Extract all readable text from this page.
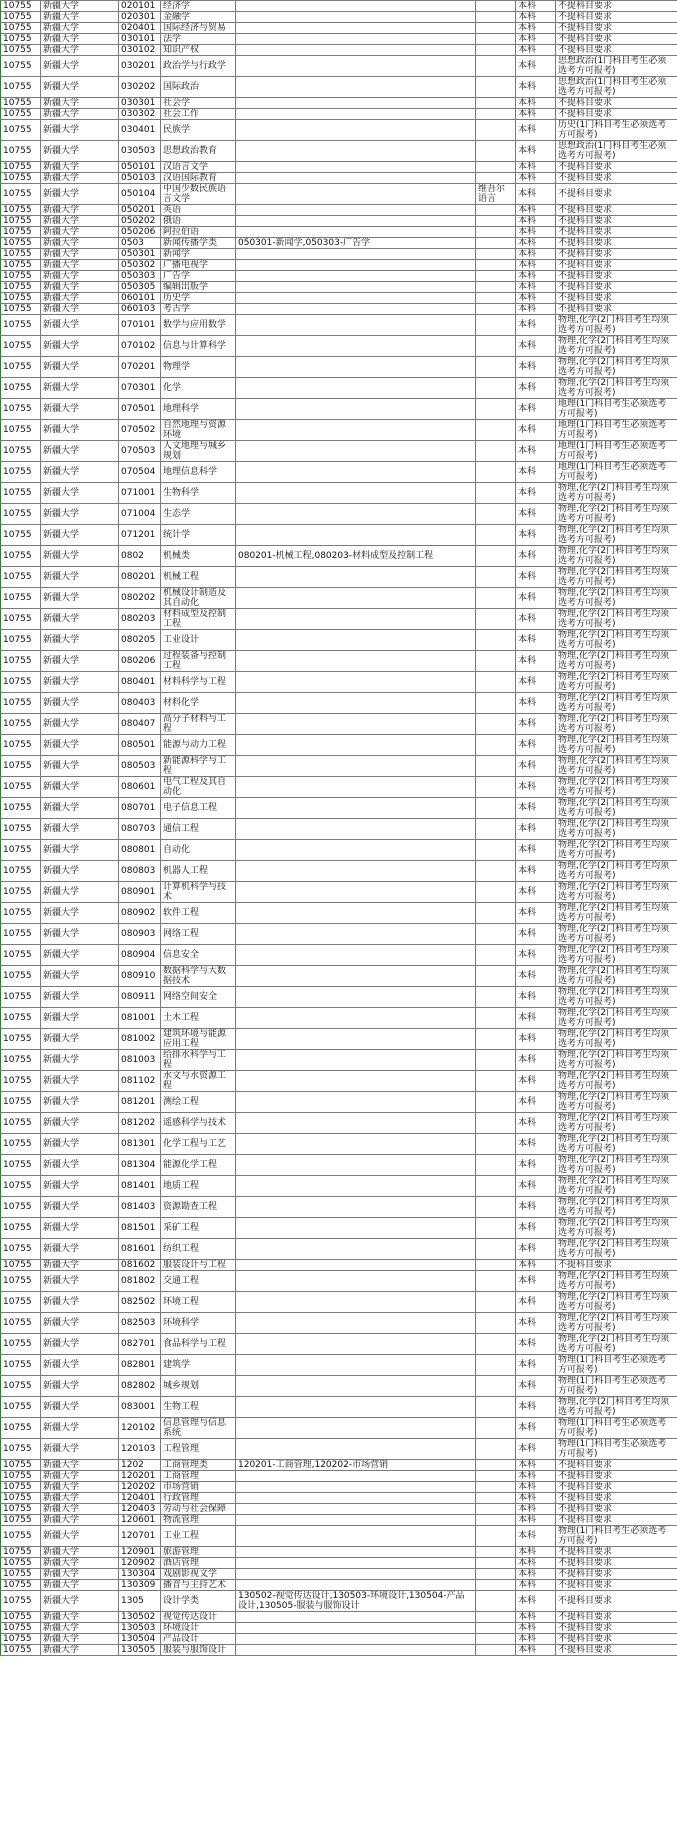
10755	新疆大学	020101	经济学			本科	不提科目要求
10755	新疆大学	020301	金融学			本科	不提科目要求
10755	新疆大学	020401	国际经济与贸易			本科	不提科目要求
10755	新疆大学	030101	法学			本科	不提科目要求
10755	新疆大学	030102	知识产权			本科	不提科目要求
10755	新疆大学	030201	政治学与行政学			本科	思想政治(1门科目考生必须选考方可报考)
10755	新疆大学	030202	国际政治			本科	思想政治(1门科目考生必须选考方可报考)
10755	新疆大学	030301	社会学			本科	不提科目要求
10755	新疆大学	030302	社会工作			本科	不提科目要求
10755	新疆大学	030401	民族学			本科	历史(1门科目考生必须选考方可报考)
10755	新疆大学	030503	思想政治教育			本科	思想政治(1门科目考生必须选考方可报考)
10755	新疆大学	050101	汉语言文学			本科	不提科目要求
10755	新疆大学	050103	汉语国际教育			本科	不提科目要求
10755	新疆大学	050104	中国少数民族语言文学		维吾尔语言	本科	不提科目要求
10755	新疆大学	050201	英语			本科	不提科目要求
10755	新疆大学	050202	俄语			本科	不提科目要求
10755	新疆大学	050206	阿拉伯语			本科	不提科目要求
10755	新疆大学	0503	新闻传播学类	050301-新闻学,050303-广告学		本科	不提科目要求
10755	新疆大学	050301	新闻学			本科	不提科目要求
10755	新疆大学	050302	广播电视学			本科	不提科目要求
10755	新疆大学	050303	广告学			本科	不提科目要求
10755	新疆大学	050305	编辑出版学			本科	不提科目要求
10755	新疆大学	060101	历史学			本科	不提科目要求
10755	新疆大学	060103	考古学			本科	不提科目要求
10755	新疆大学	070101	数学与应用数学			本科	物理,化学(2门科目考生均须选考方可报考)
10755	新疆大学	070102	信息与计算科学			本科	物理,化学(2门科目考生均须选考方可报考)
10755	新疆大学	070201	物理学			本科	物理,化学(2门科目考生均须选考方可报考)
10755	新疆大学	070301	化学			本科	物理,化学(2门科目考生均须选考方可报考)
10755	新疆大学	070501	地理科学			本科	地理(1门科目考生必须选考方可报考)
10755	新疆大学	070502	自然地理与资源环境			本科	地理(1门科目考生必须选考方可报考)
10755	新疆大学	070503	人文地理与城乡规划			本科	地理(1门科目考生必须选考方可报考)
10755	新疆大学	070504	地理信息科学			本科	地理(1门科目考生必须选考方可报考)
10755	新疆大学	071001	生物科学			本科	物理,化学(2门科目考生均须选考方可报考)
10755	新疆大学	071004	生态学			本科	物理,化学(2门科目考生均须选考方可报考)
10755	新疆大学	071201	统计学			本科	物理,化学(2门科目考生均须选考方可报考)
10755	新疆大学	0802	机械类	080201-机械工程,080203-材料成型及控制工程		本科	物理,化学(2门科目考生均须选考方可报考)
10755	新疆大学	080201	机械工程			本科	物理,化学(2门科目考生均须选考方可报考)
10755	新疆大学	080202	机械设计制造及其自动化			本科	物理,化学(2门科目考生均须选考方可报考)
10755	新疆大学	080203	材料成型及控制工程			本科	物理,化学(2门科目考生均须选考方可报考)
10755	新疆大学	080205	工业设计			本科	物理,化学(2门科目考生均须选考方可报考)
10755	新疆大学	080206	过程装备与控制工程			本科	物理,化学(2门科目考生均须选考方可报考)
10755	新疆大学	080401	材料科学与工程			本科	物理,化学(2门科目考生均须选考方可报考)
10755	新疆大学	080403	材料化学			本科	物理,化学(2门科目考生均须选考方可报考)
10755	新疆大学	080407	高分子材料与工程			本科	物理,化学(2门科目考生均须选考方可报考)
10755	新疆大学	080501	能源与动力工程			本科	物理,化学(2门科目考生均须选考方可报考)
10755	新疆大学	080503	新能源科学与工程			本科	物理,化学(2门科目考生均须选考方可报考)
10755	新疆大学	080601	电气工程及其自动化			本科	物理,化学(2门科目考生均须选考方可报考)
10755	新疆大学	080701	电子信息工程			本科	物理,化学(2门科目考生均须选考方可报考)
10755	新疆大学	080703	通信工程			本科	物理,化学(2门科目考生均须选考方可报考)
10755	新疆大学	080801	自动化			本科	物理,化学(2门科目考生均须选考方可报考)
10755	新疆大学	080803	机器人工程			本科	物理,化学(2门科目考生均须选考方可报考)
10755	新疆大学	080901	计算机科学与技术			本科	物理,化学(2门科目考生均须选考方可报考)
10755	新疆大学	080902	软件工程			本科	物理,化学(2门科目考生均须选考方可报考)
10755	新疆大学	080903	网络工程			本科	物理,化学(2门科目考生均须选考方可报考)
10755	新疆大学	080904	信息安全			本科	物理,化学(2门科目考生均须选考方可报考)
10755	新疆大学	080910	数据科学与大数据技术			本科	物理,化学(2门科目考生均须选考方可报考)
10755	新疆大学	080911	网络空间安全			本科	物理,化学(2门科目考生均须选考方可报考)
10755	新疆大学	081001	土木工程			本科	物理,化学(2门科目考生均须选考方可报考)
10755	新疆大学	081002	建筑环境与能源应用工程			本科	物理,化学(2门科目考生均须选考方可报考)
10755	新疆大学	081003	给排水科学与工程			本科	物理,化学(2门科目考生均须选考方可报考)
10755	新疆大学	081102	水文与水资源工程			本科	物理,化学(2门科目考生均须选考方可报考)
10755	新疆大学	081201	测绘工程			本科	物理,化学(2门科目考生均须选考方可报考)
10755	新疆大学	081202	遥感科学与技术			本科	物理,化学(2门科目考生均须选考方可报考)
10755	新疆大学	081301	化学工程与工艺			本科	物理,化学(2门科目考生均须选考方可报考)
10755	新疆大学	081304	能源化学工程			本科	物理,化学(2门科目考生均须选考方可报考)
10755	新疆大学	081401	地质工程			本科	物理,化学(2门科目考生均须选考方可报考)
10755	新疆大学	081403	资源勘查工程			本科	物理,化学(2门科目考生均须选考方可报考)
10755	新疆大学	081501	采矿工程			本科	物理,化学(2门科目考生均须选考方可报考)
10755	新疆大学	081601	纺织工程			本科	物理,化学(2门科目考生均须选考方可报考)
10755	新疆大学	081602	服装设计与工程			本科	不提科目要求
10755	新疆大学	081802	交通工程			本科	物理,化学(2门科目考生均须选考方可报考)
10755	新疆大学	082502	环境工程			本科	物理,化学(2门科目考生均须选考方可报考)
10755	新疆大学	082503	环境科学			本科	物理,化学(2门科目考生均须选考方可报考)
10755	新疆大学	082701	食品科学与工程			本科	物理,化学(2门科目考生均须选考方可报考)
10755	新疆大学	082801	建筑学			本科	物理(1门科目考生必须选考方可报考)
10755	新疆大学	082802	城乡规划			本科	物理(1门科目考生必须选考方可报考)
10755	新疆大学	083001	生物工程			本科	物理,化学(2门科目考生均须选考方可报考)
10755	新疆大学	120102	信息管理与信息系统			本科	物理(1门科目考生必须选考方可报考)
10755	新疆大学	120103	工程管理			本科	物理(1门科目考生必须选考方可报考)
10755	新疆大学	1202	工商管理类	120201-工商管理,120202-市场营销		本科	不提科目要求
10755	新疆大学	120201	工商管理			本科	不提科目要求
10755	新疆大学	120202	市场营销			本科	不提科目要求
10755	新疆大学	120401	行政管理			本科	不提科目要求
10755	新疆大学	120403	劳动与社会保障			本科	不提科目要求
10755	新疆大学	120601	物流管理			本科	不提科目要求
10755	新疆大学	120701	工业工程			本科	物理(1门科目考生必须选考方可报考)
10755	新疆大学	120901	旅游管理			本科	不提科目要求
10755	新疆大学	120902	酒店管理			本科	不提科目要求
10755	新疆大学	130304	戏剧影视文学			本科	不提科目要求
10755	新疆大学	130309	播音与主持艺术			本科	不提科目要求
10755	新疆大学	1305	设计学类	130502-视觉传达设计,130503-环境设计,130504-产品设计,130505-服装与服饰设计		本科	不提科目要求
10755	新疆大学	130502	视觉传达设计			本科	不提科目要求
10755	新疆大学	130503	环境设计			本科	不提科目要求
10755	新疆大学	130504	产品设计			本科	不提科目要求
10755	新疆大学	130505	服装与服饰设计			本科	不提科目要求
